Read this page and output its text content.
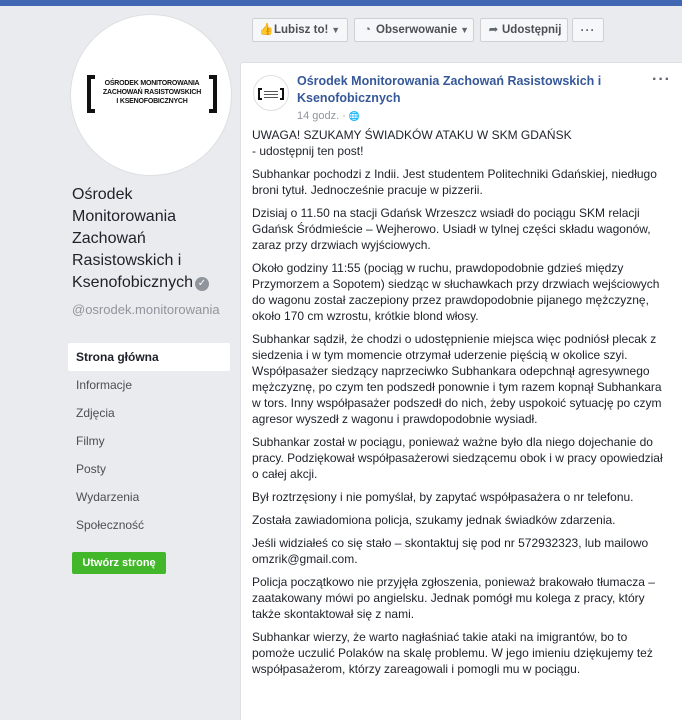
OŚRODEK MONITOROWANIA
ZACHOWAŃ RASISTOWSKICH
I KSENOFOBICZNYCH
Ośrodek
Monitorowania
Zachowań
Rasistowskich i
Ksenofobicznych ✓
@osrodek.monitorowania
Strona główna
Informacje
Zdjęcia
Filmy
Posty
Wydarzenia
Społeczność
Utwórz stronę
👍Lubisz to! ▼	◔ Obserwowanie ▼	➦ Udostępnij	···
Ośrodek Monitorowania Zachowań Rasistowskich i Ksenofobicznych
14 godz. · 🌐
···

UWAGA! SZUKAMY ŚWIADKÓW ATAKU W SKM GDAŃSK
- udostępnij ten post!

Subhankar pochodzi z Indii. Jest studentem Politechniki Gdańskiej, niedługo broni tytuł. Jednocześnie pracuje w pizzerii.

Dzisiaj o 11.50 na stacji Gdańsk Wrzeszcz wsiadł do pociągu SKM relacji Gdańsk Śródmieście – Wejherowo. Usiadł w tylnej części składu wagonów, zaraz przy drzwiach wyjściowych.

Około godziny 11:55 (pociąg w ruchu, prawdopodobnie gdzieś między Przymorzem a Sopotem) siedząc w słuchawkach przy drzwiach wejściowych do wagonu został zaczepiony przez prawdopodobnie pijanego mężczyznę, około 170 cm wzrostu, krótkie blond włosy.

Subhankar sądził, że chodzi o udostępnienie miejsca więc podniósł plecak z siedzenia i w tym momencie otrzymał uderzenie pięścią w okolice szyi. Współpasażer siedzący naprzeciwko Subhankara odepchnął agresywnego mężczyznę, po czym ten podszedł ponownie i tym razem kopnął Subhankara w tors. Inny współpasażer podszedł do nich, żeby uspokoić sytuację po czym agresor wyszedł z wagonu i prawdopodobnie wysiadł.

Subhankar został w pociągu, ponieważ ważne było dla niego dojechanie do pracy. Podziękował współpasażerowi siedzącemu obok i w pracy opowiedział o całej akcji.

Był roztrzęsiony i nie pomyślał, by zapytać współpasażera o nr telefonu.

Została zawiadomiona policja, szukamy jednak świadków zdarzenia.

Jeśli widziałeś co się stało – skontaktuj się pod nr 572932323, lub mailowo omzrik@gmail.com.

Policja początkowo nie przyjęła zgłoszenia, ponieważ brakowało tłumacza – zaatakowany mówi po angielsku. Jednak pomógł mu kolega z pracy, który także skontaktował się z nami.

Subhankar wierzy, że warto nagłaśniać takie ataki na imigrantów, bo to pomoże uczulić Polaków na skalę problemu. W jego imieniu dziękujemy też współpasażerom, którzy zareagowali i pomogli mu w pociągu.
